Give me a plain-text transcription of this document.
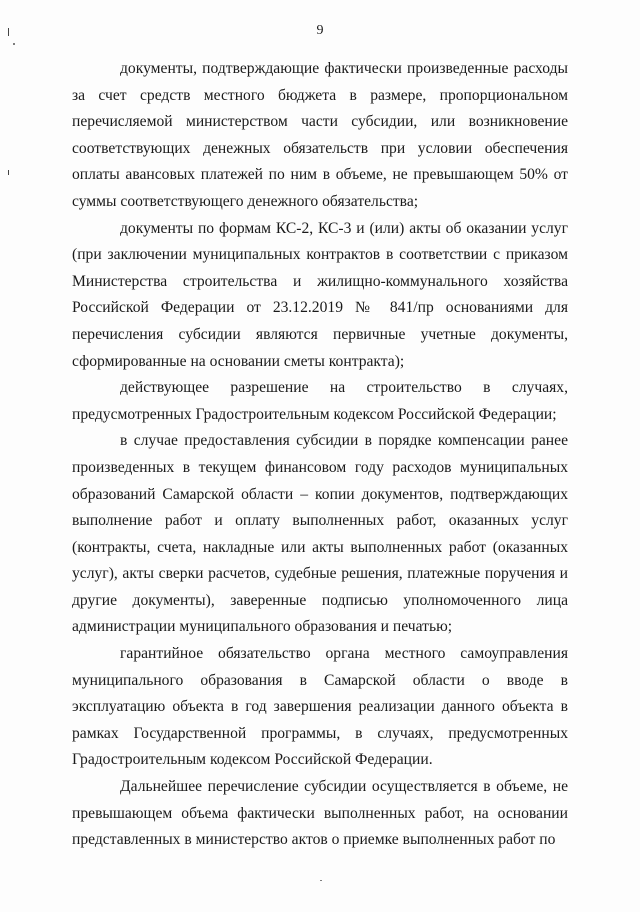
9

документы, подтверждающие фактически произведенные расходы за счет средств местного бюджета в размере, пропорциональном перечисляемой министерством части субсидии, или возникновение соответствующих денежных обязательств при условии обеспечения оплаты авансовых платежей по ним в объеме, не превышающем 50% от суммы соответствующего денежного обязательства;

документы по формам КС-2, КС-3 и (или) акты об оказании услуг (при заключении муниципальных контрактов в соответствии с приказом Министерства строительства и жилищно-коммунального хозяйства Российской Федерации от 23.12.2019 № 841/пр основаниями для перечисления субсидии являются первичные учетные документы, сформированные на основании сметы контракта);

действующее разрешение на строительство в случаях, предусмотренных Градостроительным кодексом Российской Федерации;

в случае предоставления субсидии в порядке компенсации ранее произведенных в текущем финансовом году расходов муниципальных образований Самарской области – копии документов, подтверждающих выполнение работ и оплату выполненных работ, оказанных услуг (контракты, счета, накладные или акты выполненных работ (оказанных услуг), акты сверки расчетов, судебные решения, платежные поручения и другие документы), заверенные подписью уполномоченного лица администрации муниципального образования и печатью;

гарантийное обязательство органа местного самоуправления муниципального образования в Самарской области о вводе в эксплуатацию объекта в год завершения реализации данного объекта в рамках Государственной программы, в случаях, предусмотренных Градостроительным кодексом Российской Федерации.

Дальнейшее перечисление субсидии осуществляется в объеме, не превышающем объема фактически выполненных работ, на основании представленных в министерство актов о приемке выполненных работ по
